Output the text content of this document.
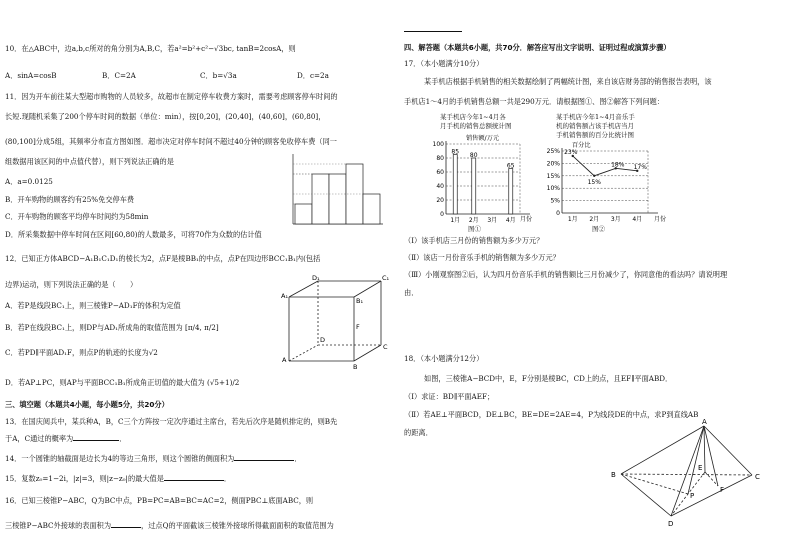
10．在△ABC中，边a,b,c所对的角分别为A,B,C，若a²=b²+c²−√3bc, tanB=2cosA，则
A．sinA=cosB	B．C=2A	C．b=√3a	D．c=2a
11．因为开车前往某大型超市购物的人员较多，故超市在制定停车收费方案时，需要考虑顾客停车时间的
长短.现随机采集了200个停车时间的数据（单位：min），按[0,20]，(20,40]，(40,60]，(60,80]，
(80,100]分成5组，其频率分布直方图如图．超市决定对停车时间不超过40分钟的顾客免收停车费（同一
组数据用该区间的中点值代替），则下列说法正确的是
A．a=0.0125
B．开车购物的顾客约有25%免交停车费
C．开车购物的顾客平均停车时间约为58min
D．所采集数据中停车时间在区间[60,80)的人数最多，可将70作为众数的估计值
12．已知正方体ABCD−A₁B₁C₁D₁的棱长为2，点F是棱BB₁的中点，点P在四边形BCC₁B₁内(包括
边界)运动，则下列说法正确的是（　　）
A．若P是线段BC₁上，则三棱锥P−AD₁F的体积为定值
B．若P在线段BC₁上，则DP与AD₁所成角的取值范围为 [π/4, π/2]
C．若PD∥平面AD₁F，则点P的轨迹的长度为√2
D．若AP⊥PC，则AP与平面BCC₁B₁所成角正切值的最大值为 (√5+1)/2
D₁	C₁
A₁
B₁
F
D
C
A
B
三、填空题（本题共4小题，每小题5分，共20分）
13．在国庆阅兵中，某兵种A，B，C三个方阵按一定次序通过主席台，若先后次序是随机排定的，则B先
于A，C通过的概率为	．
14．一个圆锥的轴截面是边长为4的等边三角形，则这个圆锥的侧面积为	．
15．复数z₀=1−2i，|z|=3，则|z−z₀|的最大值是	．
16．已知三棱锥P−ABC，Q为BC中点，PB=PC=AB=BC=AC=2，侧面PBC⊥底面ABC，则
三棱锥P−ABC外接球的表面积为	，过点Q的平面截该三棱锥外接球所得截面面积的取值范围为
四、解答题（本题共6小题，共70分．解答应写出文字说明、证明过程或演算步骤）
17．（本小题满分10分）
某手机店根据手机销售的相关数据绘制了两幅统计图，来自该店财务部的销售报告表明，该
手机店1～4月的手机销售总额一共是290万元．请根据图①、图②解答下列问题：
某手机店今年1~4月各
月手机的销售总额统计图
销售额/万元
100
80
60
40
20
0
1月
85
2月
80
3月 4月
65
月份
图①
某手机店今年1~4月音乐手
机的销售额占该手机店当月
手机销售额的百分比统计图
百分比
25%
20%
15%
10%
5%
0
1月
23%
2月
15%
3月
18%
4月
17%
月份
图②
（Ⅰ）该手机店三月份的销售额为多少万元？
（Ⅱ）该店一月份音乐手机的销售额为多少万元？
（Ⅲ）小刚观察图②后，认为四月份音乐手机的销售额比三月份减少了，你同意他的看法吗？请说明理
由．
18．（本小题满分12分）
如图，三棱锥A−BCD中，E，F分别是棱BC，CD上的点，且EF∥平面ABD．
（Ⅰ）求证：BD∥平面AEF；
（Ⅱ）若AE⊥平面BCD，DE⊥BC，BE=DE=2AE=4，P为线段DE的中点，求P到直线AB
的距离．
A
B	C
D
E
F
P
